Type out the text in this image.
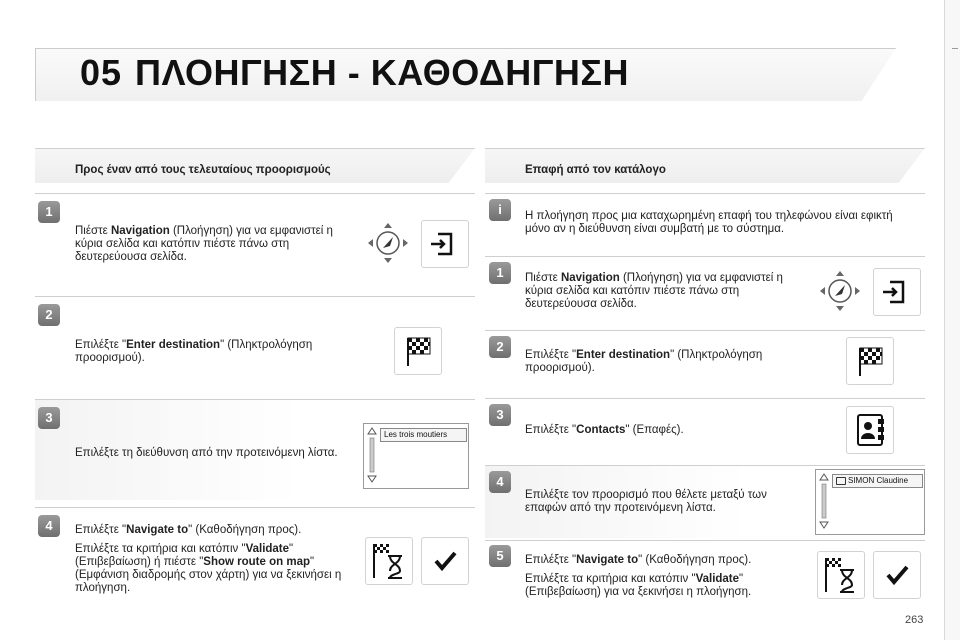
05 ΠΛΟΗΓΗΣΗ - ΚΑΘΟΔΗΓΗΣΗ
Προς έναν από τους τελευταίους προορισμούς
1
Πιέστε Navigation (Πλοήγηση) για να εμφανιστεί η κύρια σελίδα και κατόπιν πιέστε πάνω στη δευτερεύουσα σελίδα.
2
Επιλέξτε "Enter destination" (Πληκτρολόγηση προορισμού).
3
Επιλέξτε τη διεύθυνση από την προτεινόμενη λίστα.
Les trois moutiers
4	Επιλέξτε "Navigate to" (Καθοδήγηση προς).
Επιλέξτε τα κριτήρια και κατόπιν "Validate" (Επιβεβαίωση) ή πιέστε "Show route on map" (Εμφάνιση διαδρομής στον χάρτη) για να ξεκινήσει η πλοήγηση.
Επαφή από τον κατάλογο
i	Η πλοήγηση προς μια καταχωρημένη επαφή του τηλεφώνου είναι εφικτή μόνο αν η διεύθυνση είναι συμβατή με το σύστημα.
1	Πιέστε Navigation (Πλοήγηση) για να εμφανιστεί η κύρια σελίδα και κατόπιν πιέστε πάνω στη δευτερεύουσα σελίδα.
2
Επιλέξτε "Enter destination" (Πληκτρολόγηση προορισμού).
3
Επιλέξτε "Contacts" (Επαφές).
4
Επιλέξτε τον προορισμό που θέλετε μεταξύ των επαφών από την προτεινόμενη λίστα.
SIMON Claudine
5	Επιλέξτε "Navigate to" (Καθοδήγηση προς).
Επιλέξτε τα κριτήρια και κατόπιν "Validate" (Επιβεβαίωση) για να ξεκινήσει η πλοήγηση.
263
